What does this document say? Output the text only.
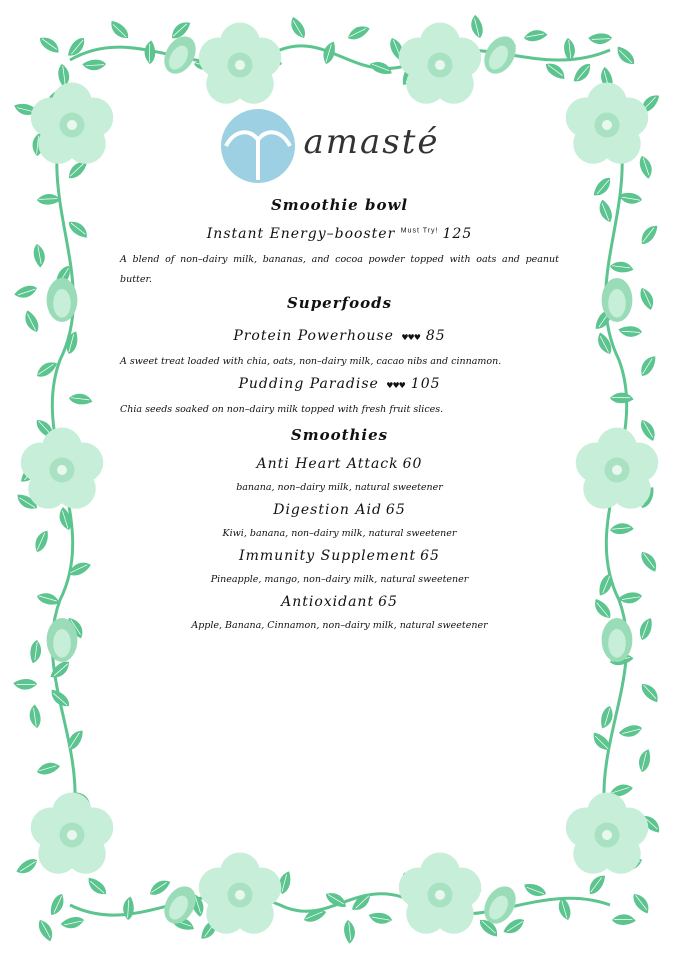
amasté
Smoothie bowl
Instant Energy–booster $^{Must Try!}$ 125

A blend of non–dairy milk, bananas, and cocoa powder topped with oats and peanut butter.

Superfoods
Protein Powerhouse ♥♥♥ 85

A sweet treat loaded with chia, oats, non–dairy milk, cacao nibs and cinnamon.

Pudding Paradise ♥♥♥ 105

Chia seeds soaked on non–dairy milk topped with fresh fruit slices.

Smoothies
Anti Heart Attack 60

banana, non–dairy milk, natural sweetener

Digestion Aid 65

Kiwi, banana, non–dairy milk, natural sweetener

Immunity Supplement 65

Pineapple, mango, non–dairy milk, natural sweetener

Antioxidant 65

Apple, Banana, Cinnamon, non–dairy milk, natural sweetener
